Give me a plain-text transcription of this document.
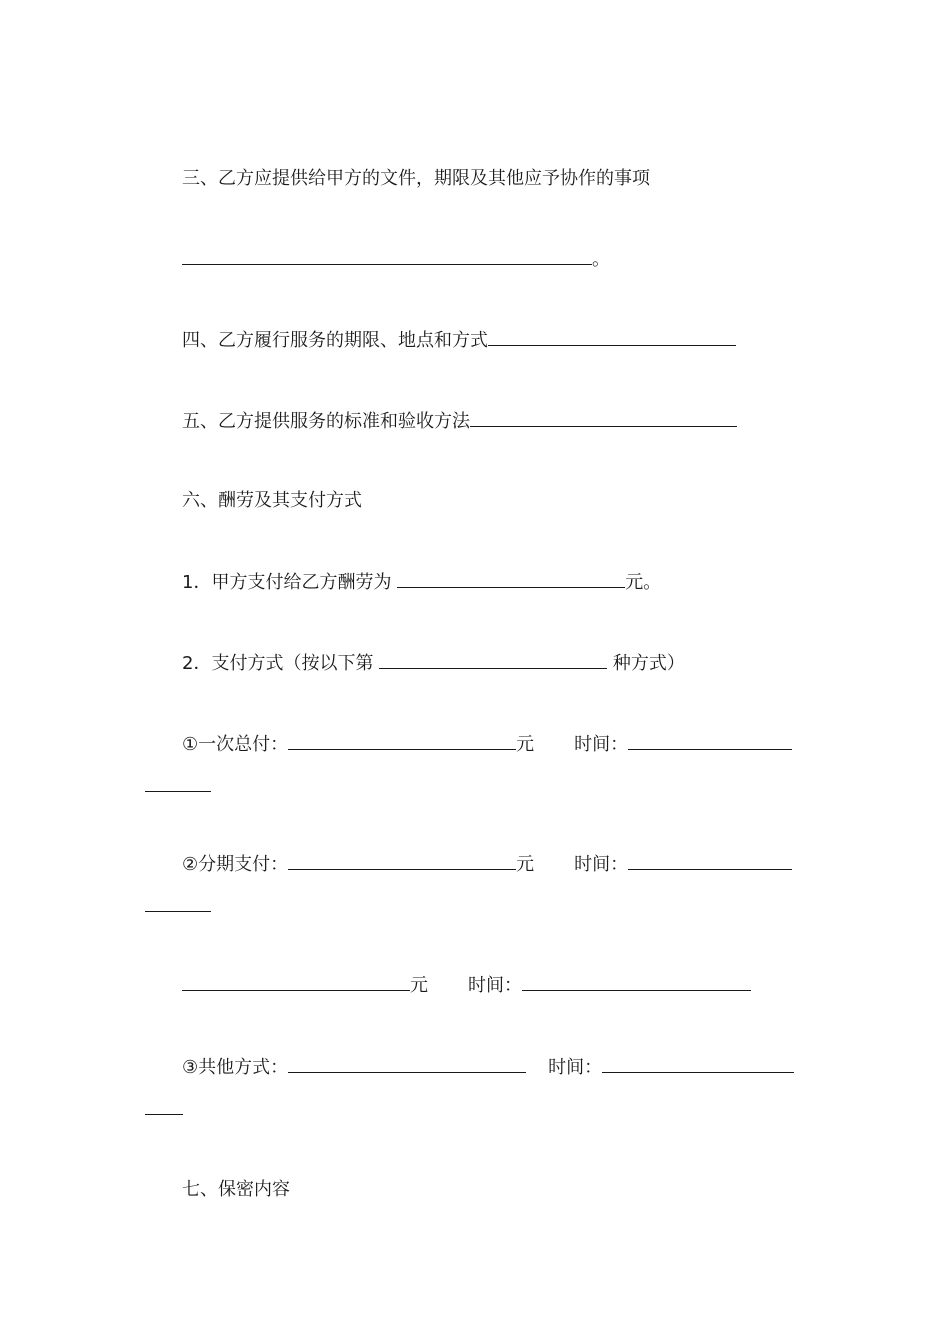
三、乙方应提供给甲方的文件，期限及其他应予协作的事项
。
四、乙方履行服务的期限、地点和方式
五、乙方提供服务的标准和验收方法
六、酬劳及其支付方式
1．甲方支付给乙方酬劳为	元。
2．支付方式（按以下第	种方式）
①一次总付：	元 时间：
②分期支付：	元 时间：
元 时间：
③共他方式：	时间：
七、保密内容
